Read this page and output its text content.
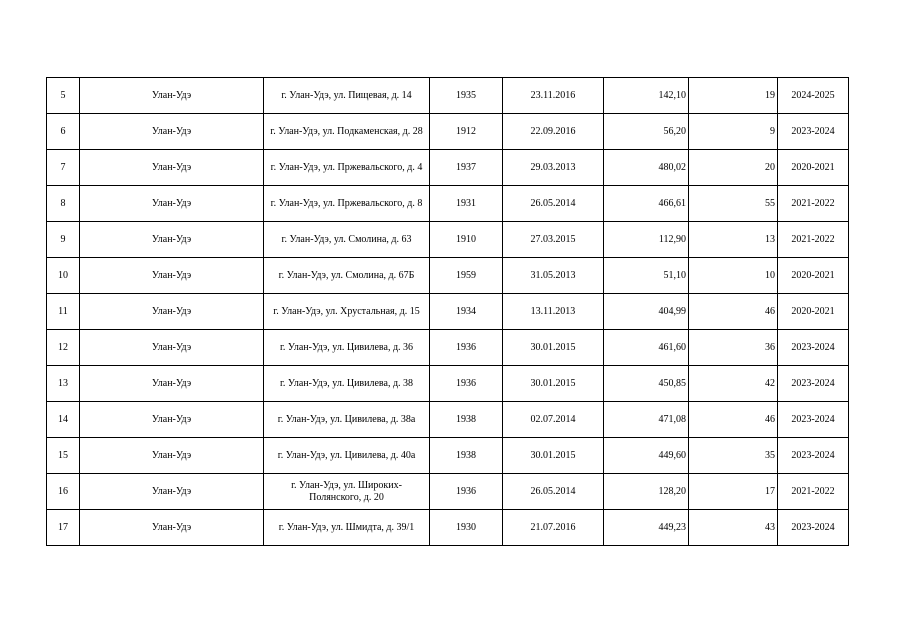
5	Улан-Удэ	г. Улан-Удэ, ул. Пищевая, д. 14	1935	23.11.2016	142,10	19	2024-2025
6	Улан-Удэ	г. Улан-Удэ, ул. Подкаменская, д. 28	1912	22.09.2016	56,20	9	2023-2024
7	Улан-Удэ	г. Улан-Удэ, ул. Пржевальского, д. 4	1937	29.03.2013	480,02	20	2020-2021
8	Улан-Удэ	г. Улан-Удэ, ул. Пржевальского, д. 8	1931	26.05.2014	466,61	55	2021-2022
9	Улан-Удэ	г. Улан-Удэ, ул. Смолина, д. 63	1910	27.03.2015	112,90	13	2021-2022
10	Улан-Удэ	г. Улан-Удэ, ул. Смолина, д. 67Б	1959	31.05.2013	51,10	10	2020-2021
11	Улан-Удэ	г. Улан-Удэ, ул. Хрустальная, д. 15	1934	13.11.2013	404,99	46	2020-2021
12	Улан-Удэ	г. Улан-Удэ, ул. Цивилева, д. 36	1936	30.01.2015	461,60	36	2023-2024
13	Улан-Удэ	г. Улан-Удэ, ул. Цивилева, д. 38	1936	30.01.2015	450,85	42	2023-2024
14	Улан-Удэ	г. Улан-Удэ, ул. Цивилева, д. 38а	1938	02.07.2014	471,08	46	2023-2024
15	Улан-Удэ	г. Улан-Удэ, ул. Цивилева, д. 40а	1938	30.01.2015	449,60	35	2023-2024
16	Улан-Удэ	г. Улан-Удэ, ул. Широких-Полянского, д. 20	1936	26.05.2014	128,20	17	2021-2022
17	Улан-Удэ	г. Улан-Удэ, ул. Шмидта, д. 39/1	1930	21.07.2016	449,23	43	2023-2024
